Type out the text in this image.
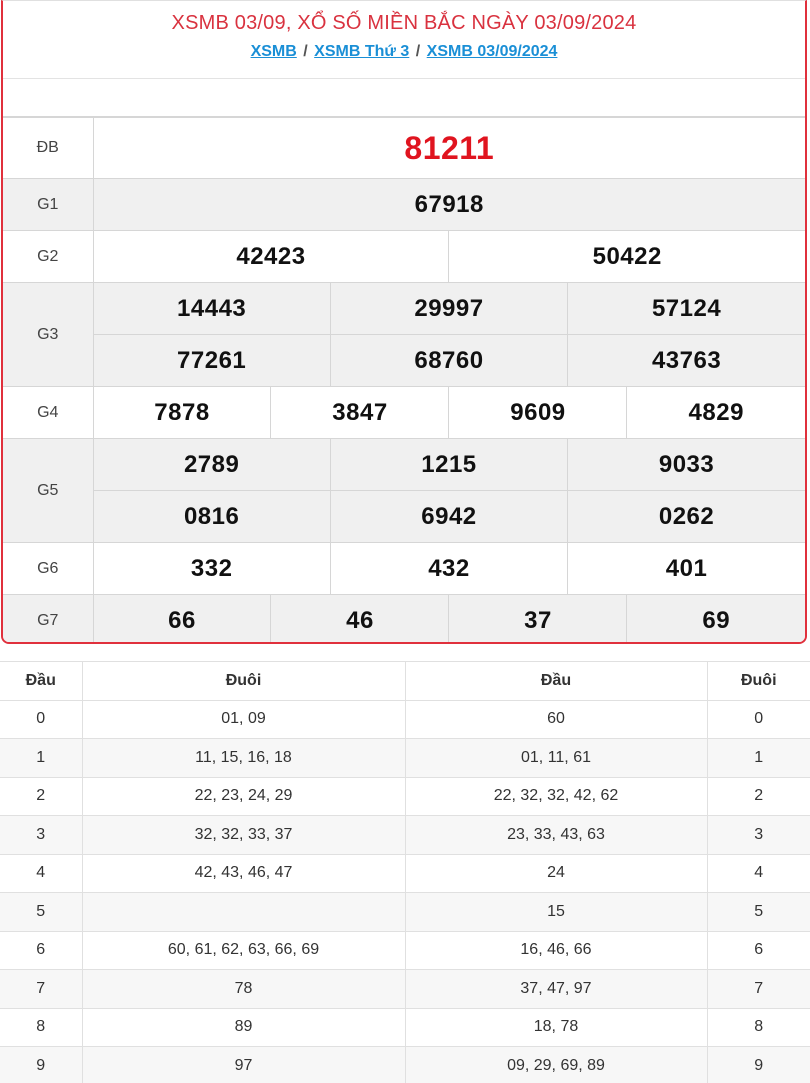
XSMB 03/09, XỔ SỐ MIỀN BẮC NGÀY 03/09/2024
XSMB / XSMB Thứ 3 / XSMB 03/09/2024
ĐB	81211					
G1	67918					
G2	42423			50422		
G3	14443		29997		57124	
	77261		68760		43763	
G4	7878	3847		9609		4829
G5	2789		1215		9033	
	0816		6942		0262	
G6	332		432		401	
G7	66	46		37		69
Đầu	Đuôi	Đầu	Đuôi
0	01, 09	60	0
1	11, 15, 16, 18	01, 11, 61	1
2	22, 23, 24, 29	22, 32, 32, 42, 62	2
3	32, 32, 33, 37	23, 33, 43, 63	3
4	42, 43, 46, 47	24	4
5		15	5
6	60, 61, 62, 63, 66, 69	16, 46, 66	6
7	78	37, 47, 97	7
8	89	18, 78	8
9	97	09, 29, 69, 89	9
